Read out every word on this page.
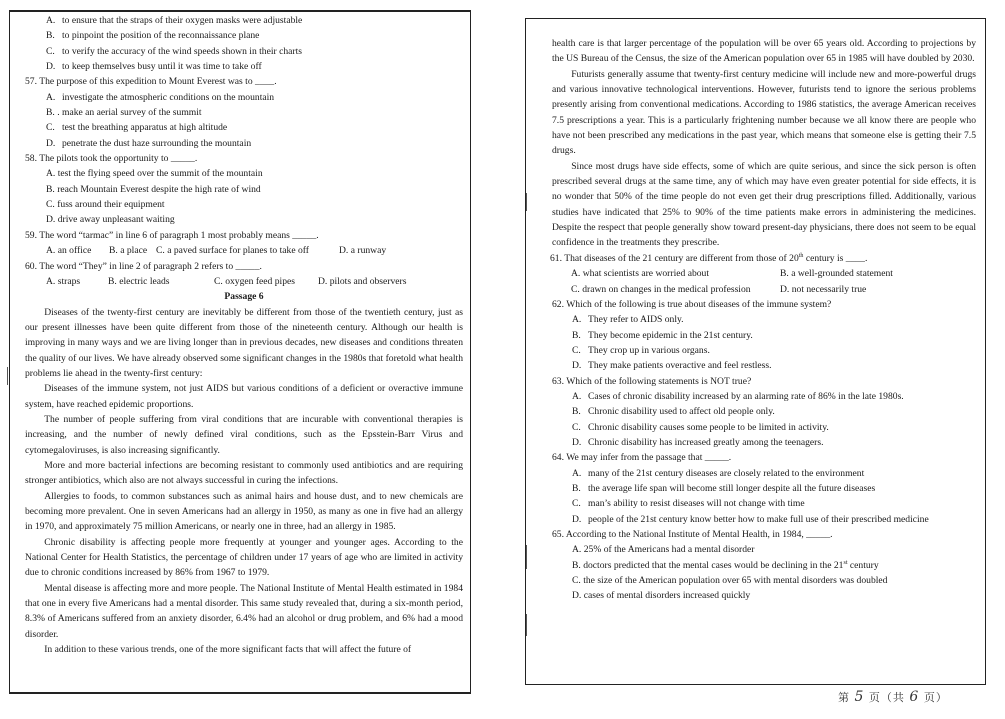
A. to ensure that the straps of their oxygen masks were adjustable
B. to pinpoint the position of the reconnaissance plane
C. to verify the accuracy of the wind speeds shown in their charts
D. to keep themselves busy until it was time to take off
57. The purpose of this expedition to Mount Everest was to ____.
A. investigate the atmospheric conditions on the mountain
B. . make an aerial survey of the summit
C. test the breathing apparatus at high altitude
D. penetrate the dust haze surrounding the mountain
58. The pilots took the opportunity to _____.
A. test the flying speed over the summit of the mountain
B. reach Mountain Everest despite the high rate of wind
C. fuss around their equipment
D. drive away unpleasant waiting
59. The word “tarmac” in line 6 of paragraph 1 most probably means _____.
A. an office	B. a place C. a paved surface for planes to take off	D. a runway
60. The word “They” in line 2 of paragraph 2 refers to _____.
A. straps	B. electric leads	C. oxygen feed pipes	D. pilots and observers
Passage 6
Diseases of the twenty-first century are inevitably be different from those of the twentieth century, just as our present illnesses have been quite different from those of the nineteenth century. Although our health is improving in many ways and we are living longer than in previous decades, new diseases and conditions threaten the quality of our lives. We have already observed some significant changes in the 1980s that foretold what health problems lie ahead in the twenty-first century:
Diseases of the immune system, not just AIDS but various conditions of a deficient or overactive immune system, have reached epidemic proportions.
The number of people suffering from viral conditions that are incurable with conventional therapies is increasing, and the number of newly defined viral conditions, such as the Epsstein-Barr Virus and cytomegaloviruses, is also increasing significantly.
More and more bacterial infections are becoming resistant to commonly used antibiotics and are requiring stronger antibiotics, which also are not always successful in curing the infections.
Allergies to foods, to common substances such as animal hairs and house dust, and to new chemicals are becoming more prevalent. One in seven Americans had an allergy in 1950, as many as one in five had an allergy in 1970, and approximately 75 million Americans, or nearly one in three, had an allergy in 1985.
Chronic disability is affecting people more frequently at younger and younger ages. According to the National Center for Health Statistics, the percentage of children under 17 years of age who are limited in activity due to chronic conditions increased by 86% from 1967 to 1979.
Mental disease is affecting more and more people. The National Institute of Mental Health estimated in 1984 that one in every five Americans had a mental disorder. This same study revealed that, during a six-month period, 8.3% of Americans suffered from an anxiety disorder, 6.4% had an alcohol or drug problem, and 6% had a mood disorder.
In addition to these various trends, one of the more significant facts that will affect the future of
health care is that larger percentage of the population will be over 65 years old. According to projections by the US Bureau of the Census, the size of the American population over 65 in 1985 will have doubled by 2030.
Futurists generally assume that twenty-first century medicine will include new and more-powerful drugs and various innovative technological interventions. However, futurists tend to ignore the serious problems presently arising from conventional medications. According to 1986 statistics, the average American receives 7.5 prescriptions a year. This is a particularly frightening number because we all know there are people who have not been prescribed any medications in the past year, which means that someone else is getting their 7.5 drugs.
Since most drugs have side effects, some of which are quite serious, and since the sick person is often prescribed several drugs at the same time, any of which may have even greater potential for side effects, it is no wonder that 50% of the time people do not even get their drug prescriptions filled. Additionally, various studies have indicated that 25% to 90% of the time patients make errors in administering the medicines. Despite the respect that people generally show toward present-day physicians, there does not seem to be equal confidence in the treatments they prescribe.
61. That diseases of the 21 century are different from those of 20th century is ____.
A. what scientists are worried about	B. a well-grounded statement
C. drawn on changes in the medical profession	D. not necessarily true
62. Which of the following is true about diseases of the immune system?
A. They refer to AIDS only.
B. They become epidemic in the 21st century.
C. They crop up in various organs.
D. They make patients overactive and feel restless.
63. Which of the following statements is NOT true?
A. Cases of chronic disability increased by an alarming rate of 86% in the late 1980s.
B. Chronic disability used to affect old people only.
C. Chronic disability causes some people to be limited in activity.
D. Chronic disability has increased greatly among the teenagers.
64. We may infer from the passage that _____.
A. many of the 21st century diseases are closely related to the environment
B. the average life span will become still longer despite all the future diseases
C. man’s ability to resist diseases will not change with time
D. people of the 21st century know better how to make full use of their prescribed medicine
65. According to the National Institute of Mental Health, in 1984, _____.
A. 25% of the Americans had a mental disorder
B. doctors predicted that the mental cases would be declining in the 21st century
C. the size of the American population over 65 with mental disorders was doubled
D. cases of mental disorders increased quickly
第 5 页（共 6 页）
